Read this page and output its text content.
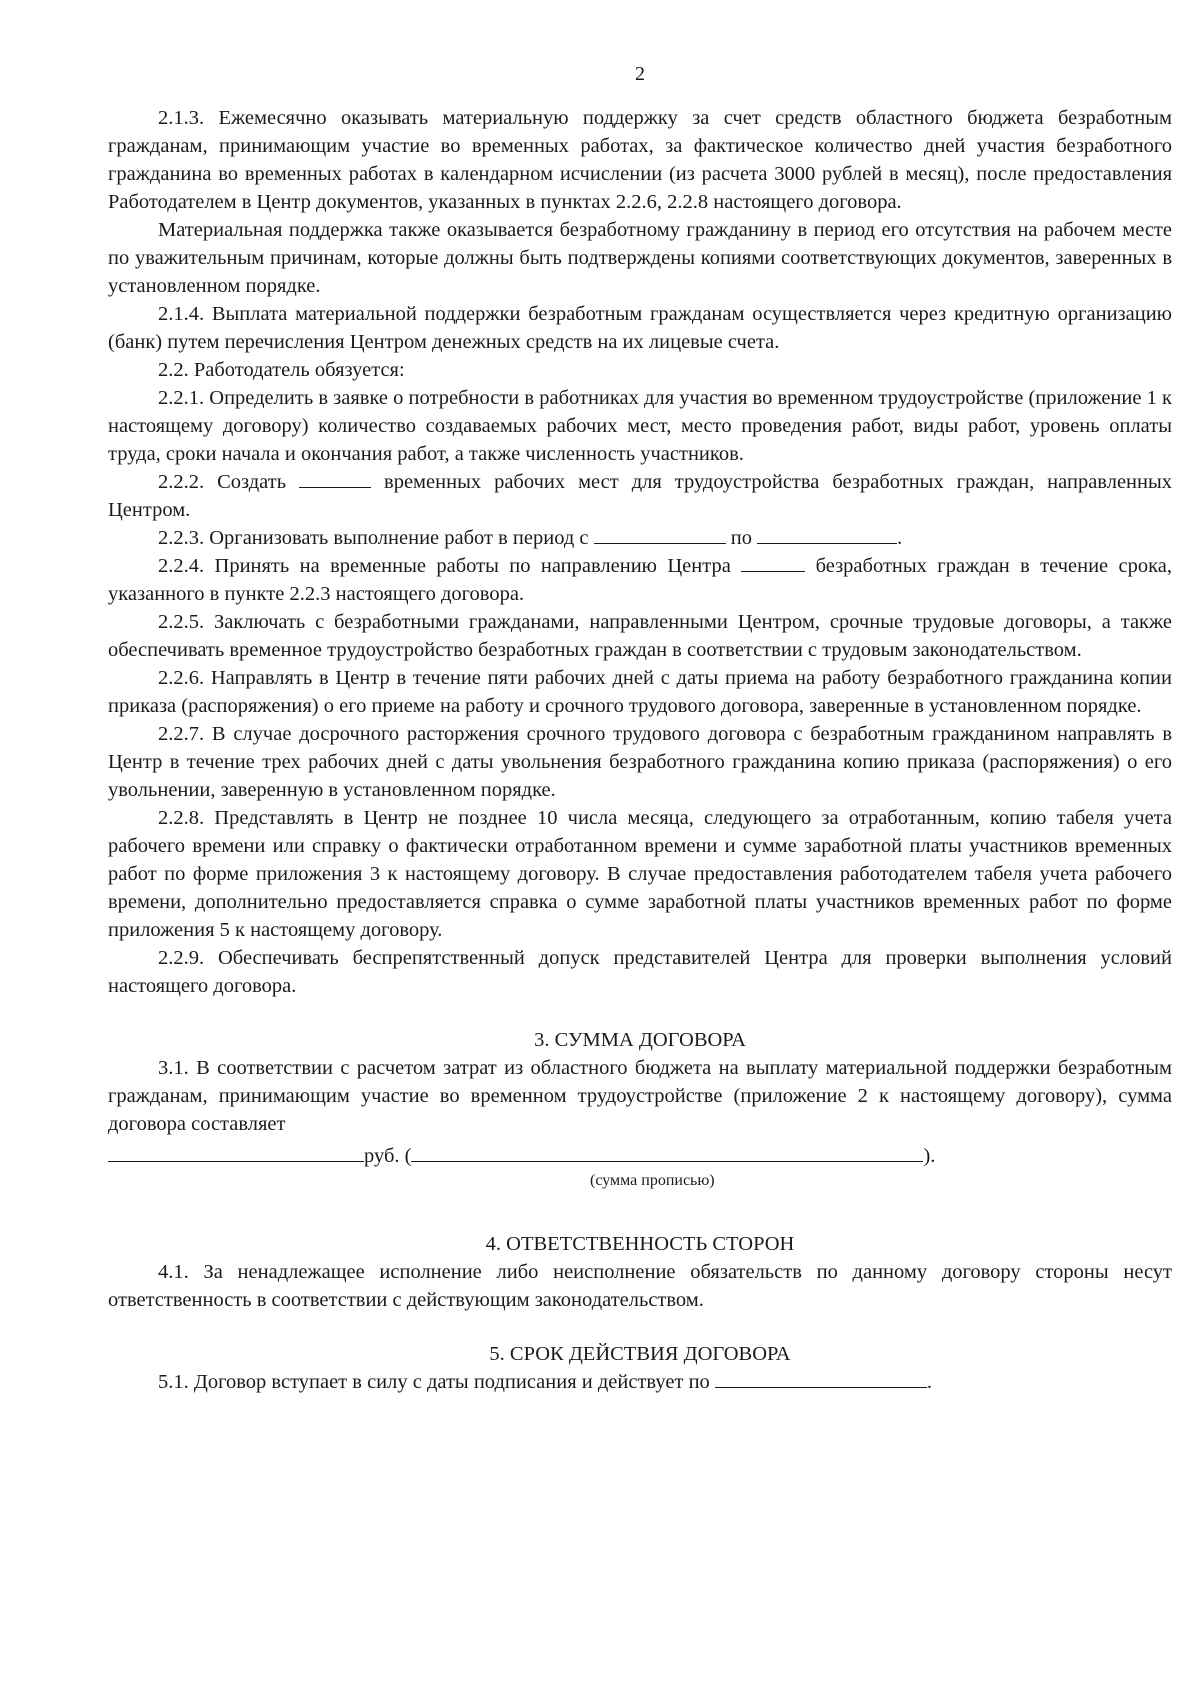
2

2.1.3. Ежемесячно оказывать материальную поддержку за счет средств областного бюджета безработным гражданам, принимающим участие во временных работах, за фактическое количество дней участия безработного гражданина во временных работах в календарном исчислении (из расчета 3000 рублей в месяц), после предоставления Работодателем в Центр документов, указанных в пунктах 2.2.6, 2.2.8 настоящего договора.

Материальная поддержка также оказывается безработному гражданину в период его отсутствия на рабочем месте по уважительным причинам, которые должны быть подтверждены копиями соответствующих документов, заверенных в установленном порядке.

2.1.4. Выплата материальной поддержки безработным гражданам осуществляется через кредитную организацию (банк) путем перечисления Центром денежных средств на их лицевые счета.

2.2. Работодатель обязуется:

2.2.1. Определить в заявке о потребности в работниках для участия во временном трудоустройстве (приложение 1 к настоящему договору) количество создаваемых рабочих мест, место проведения работ, виды работ, уровень оплаты труда, сроки начала и окончания работ, а также численность участников.

2.2.2. Создать	временных рабочих мест для трудоустройства безработных граждан, направленных Центром.

2.2.3. Организовать выполнение работ в период с	по	.

2.2.4. Принять на временные работы по направлению Центра	безработных граждан в течение срока, указанного в пункте 2.2.3 настоящего договора.

2.2.5. Заключать с безработными гражданами, направленными Центром, срочные трудовые договоры, а также обеспечивать временное трудоустройство безработных граждан в соответствии с трудовым законодательством.

2.2.6. Направлять в Центр в течение пяти рабочих дней с даты приема на работу безработного гражданина копии приказа (распоряжения) о его приеме на работу и срочного трудового договора, заверенные в установленном порядке.

2.2.7. В случае досрочного расторжения срочного трудового договора с безработным гражданином направлять в Центр в течение трех рабочих дней с даты увольнения безработного гражданина копию приказа (распоряжения) о его увольнении, заверенную в установленном порядке.

2.2.8. Представлять в Центр не позднее 10 числа месяца, следующего за отработанным, копию табеля учета рабочего времени или справку о фактически отработанном времени и сумме заработной платы участников временных работ по форме приложения 3 к настоящему договору. В случае предоставления работодателем табеля учета рабочего времени, дополнительно предоставляется справка о сумме заработной платы участников временных работ по форме приложения 5 к настоящему договору.

2.2.9. Обеспечивать беспрепятственный допуск представителей Центра для проверки выполнения условий настоящего договора.

3. СУММА ДОГОВОРА

3.1. В соответствии с расчетом затрат из областного бюджета на выплату материальной поддержки безработным гражданам, принимающим участие во временном трудоустройстве (приложение 2 к настоящему договору), сумма договора составляет

руб. (	).
(сумма прописью)
4. ОТВЕТСТВЕННОСТЬ СТОРОН

4.1. За ненадлежащее исполнение либо неисполнение обязательств по данному договору стороны несут ответственность в соответствии с действующим законодательством.

5. СРОК ДЕЙСТВИЯ ДОГОВОРА

5.1. Договор вступает в силу с даты подписания и действует по	.
